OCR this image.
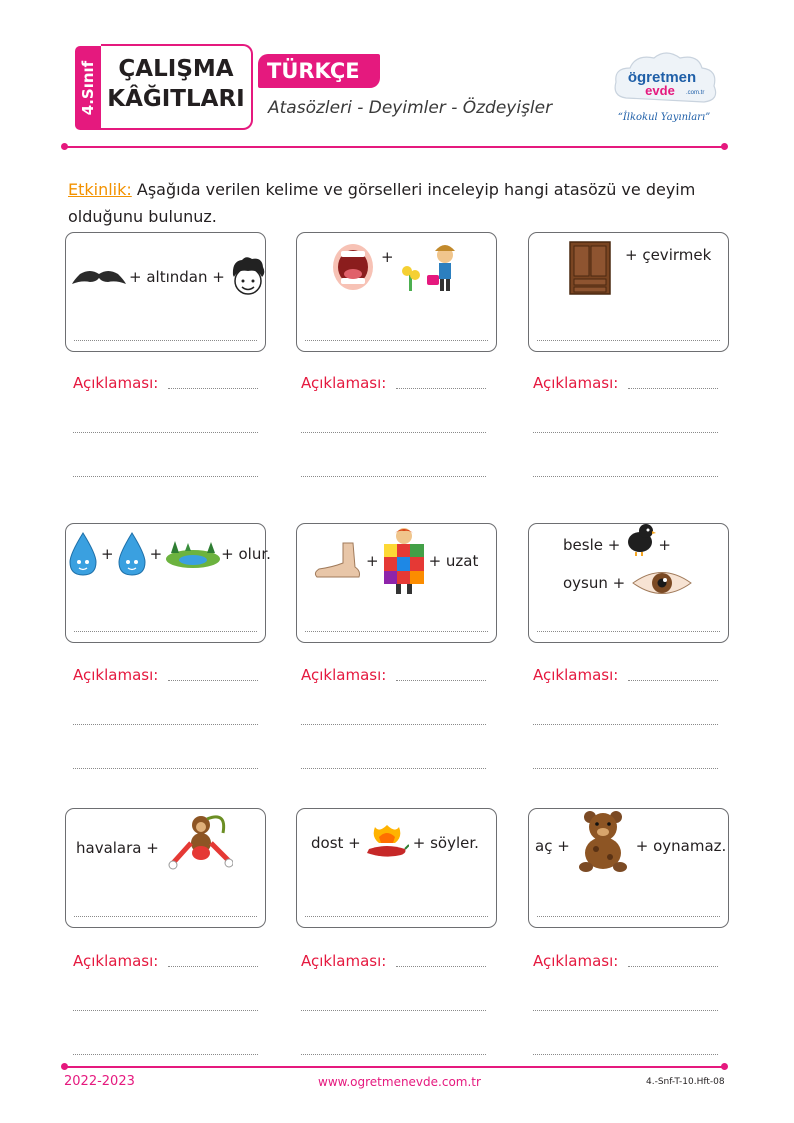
4.Sınıf ÇALIŞMA
KÂĞITLARI
TÜRKÇE
Atasözleri - Deyimler - Özdeyişler
ögretmen
evde .com.tr
“İlkokul Yayınları”
Etkinlik: Aşağıda verilen kelime ve görselleri inceleyip hangi atasözü ve deyim olduğunu bulunuz.
+ altından +
+	+ çevirmek
Açıklaması:	Açıklaması:	Açıklaması:
+ +	+ olur.	+	+ uzat
besle +	+
oysun +
Açıklaması:	Açıklaması:	Açıklaması:
havalara +	dost +	+ söyler.	aç +	+ oynamaz.
Açıklaması:	Açıklaması:	Açıklaması:
2022-2023	www.ogretmenevde.com.tr	4.-Snf-T-10.Hft-08
